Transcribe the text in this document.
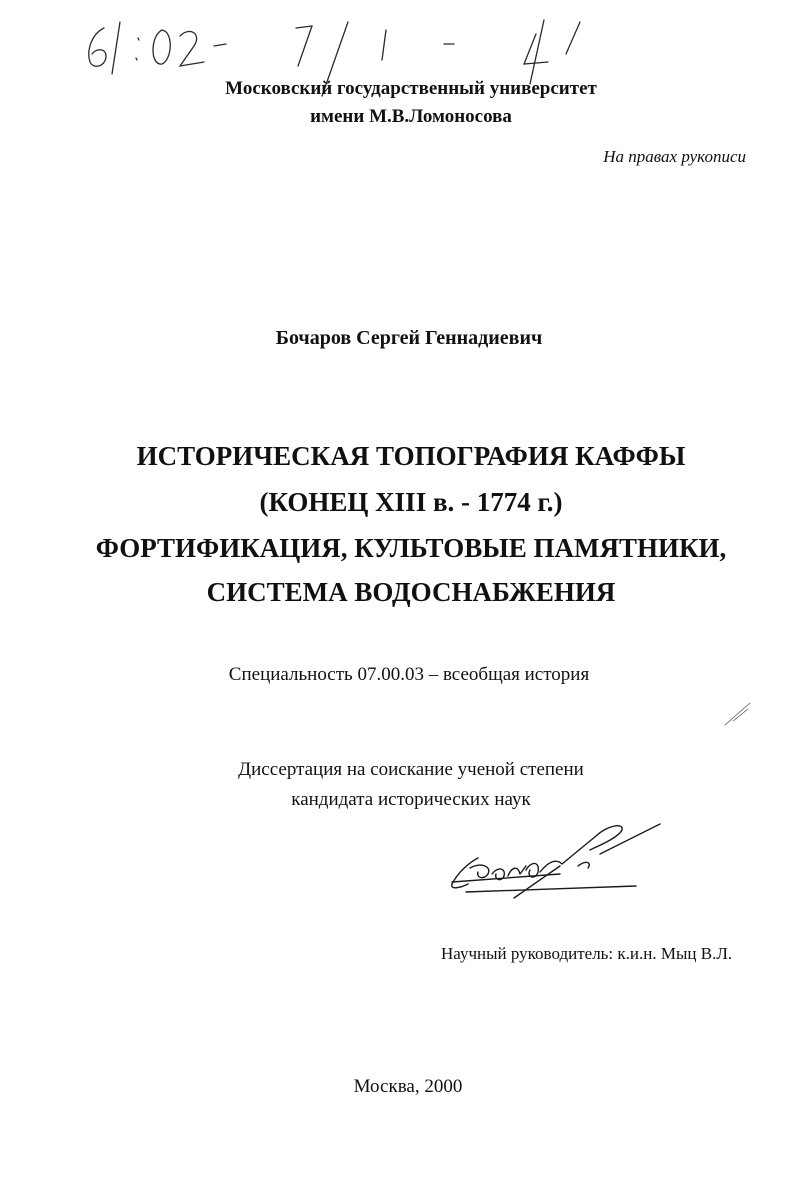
Московский государственный университет
имени М.В.Ломоносова
На правах рукописи
Бочаров Сергей Геннадиевич
ИСТОРИЧЕСКАЯ ТОПОГРАФИЯ КАФФЫ
(КОНЕЦ XIII в. - 1774 г.)
ФОРТИФИКАЦИЯ, КУЛЬТОВЫЕ ПАМЯТНИКИ,
СИСТЕМА ВОДОСНАБЖЕНИЯ
Специальность 07.00.03 – всеобщая история
Диссертация на соискание ученой степени
кандидата исторических наук
Научный руководитель: к.и.н. Мыц В.Л.
Москва, 2000
